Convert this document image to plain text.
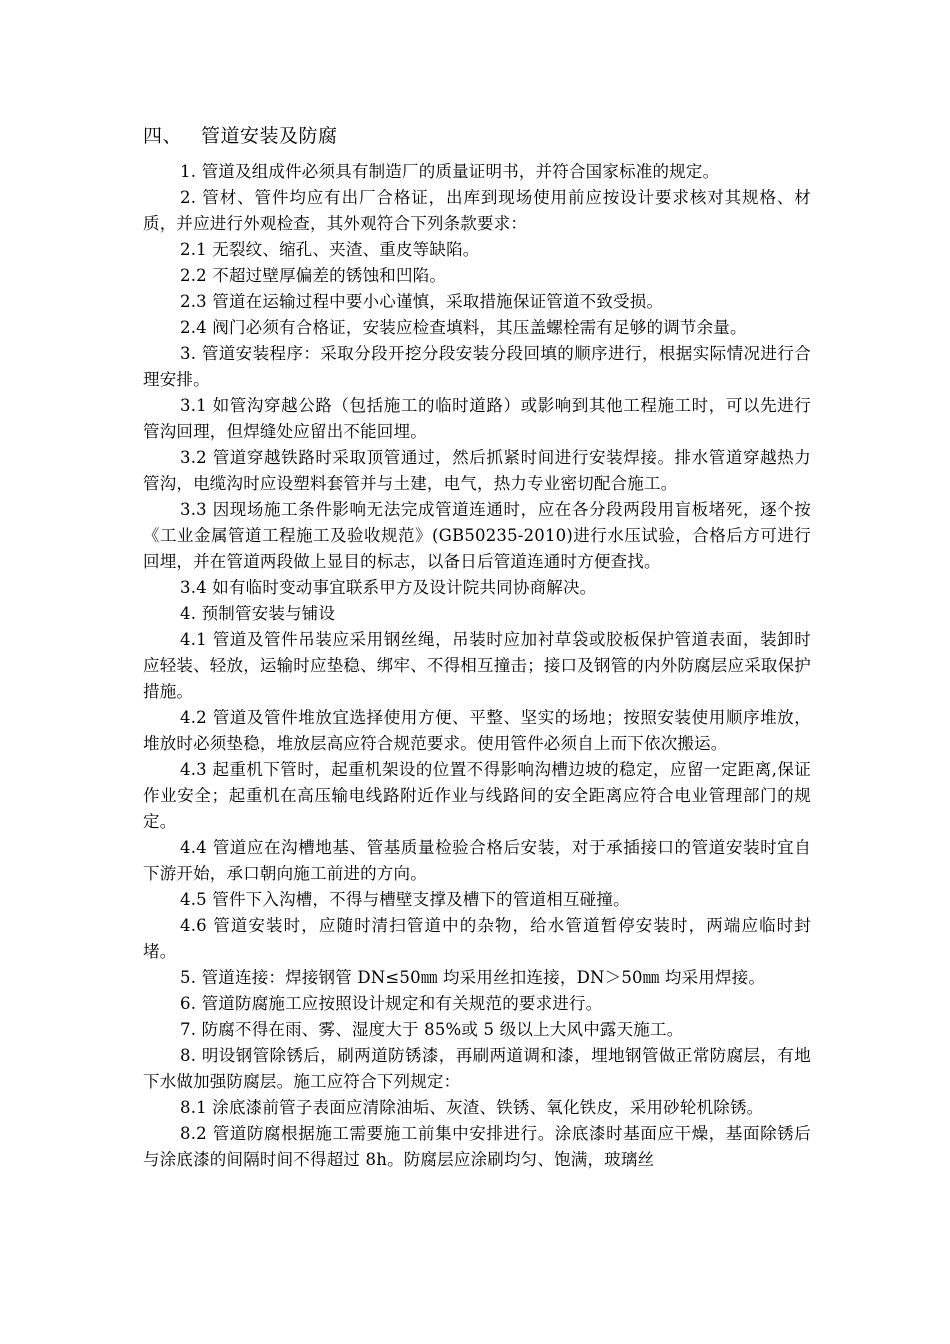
四、 管道安装及防腐

1. 管道及组成件必须具有制造厂的质量证明书，并符合国家标准的规定。

2. 管材、管件均应有出厂合格证，出库到现场使用前应按设计要求核对其规格、材质，并应进行外观检查，其外观符合下列条款要求：

2.1 无裂纹、缩孔、夹渣、重皮等缺陷。

2.2 不超过壁厚偏差的锈蚀和凹陷。

2.3 管道在运输过程中要小心谨慎，采取措施保证管道不致受损。

2.4 阀门必须有合格证，安装应检查填料，其压盖螺栓需有足够的调节余量。

3. 管道安装程序：采取分段开挖分段安装分段回填的顺序进行，根据实际情况进行合理安排。

3.1 如管沟穿越公路（包括施工的临时道路）或影响到其他工程施工时，可以先进行管沟回理，但焊缝处应留出不能回埋。

3.2 管道穿越铁路时采取顶管通过，然后抓紧时间进行安装焊接。排水管道穿越热力管沟，电缆沟时应设塑料套管并与土建，电气，热力专业密切配合施工。

3.3 因现场施工条件影响无法完成管道连通时，应在各分段两段用盲板堵死，逐个按《工业金属管道工程施工及验收规范》(GB50235-2010)进行水压试验，合格后方可进行回埋，并在管道两段做上显目的标志，以备日后管道连通时方便查找。

3.4 如有临时变动事宜联系甲方及设计院共同协商解决。

4. 预制管安装与铺设

4.1 管道及管件吊装应采用钢丝绳，吊装时应加衬草袋或胶板保护管道表面，装卸时应轻装、轻放，运输时应垫稳、绑牢、不得相互撞击；接口及钢管的内外防腐层应采取保护措施。

4.2 管道及管件堆放宜选择使用方便、平整、坚实的场地；按照安装使用顺序堆放，堆放时必须垫稳，堆放层高应符合规范要求。使用管件必须自上而下依次搬运。

4.3 起重机下管时，起重机架设的位置不得影响沟槽边坡的稳定，应留一定距离,保证作业安全；起重机在高压输电线路附近作业与线路间的安全距离应符合电业管理部门的规定。

4.4 管道应在沟槽地基、管基质量检验合格后安装，对于承插接口的管道安装时宜自下游开始，承口朝向施工前进的方向。

4.5 管件下入沟槽，不得与槽壁支撑及槽下的管道相互碰撞。

4.6 管道安装时，应随时清扫管道中的杂物，给水管道暂停安装时，两端应临时封堵。

5. 管道连接：焊接钢管 DN≤50㎜ 均采用丝扣连接，DN＞50㎜ 均采用焊接。

6. 管道防腐施工应按照设计规定和有关规范的要求进行。

7. 防腐不得在雨、雾、湿度大于 85%或 5 级以上大风中露天施工。

8. 明设钢管除锈后，刷两道防锈漆，再刷两道调和漆，埋地钢管做正常防腐层，有地下水做加强防腐层。施工应符合下列规定：

8.1 涂底漆前管子表面应清除油垢、灰渣、铁锈、氧化铁皮，采用砂轮机除锈。

8.2 管道防腐根据施工需要施工前集中安排进行。涂底漆时基面应干燥，基面除锈后与涂底漆的间隔时间不得超过 8h。防腐层应涂刷均匀、饱满，玻璃丝
